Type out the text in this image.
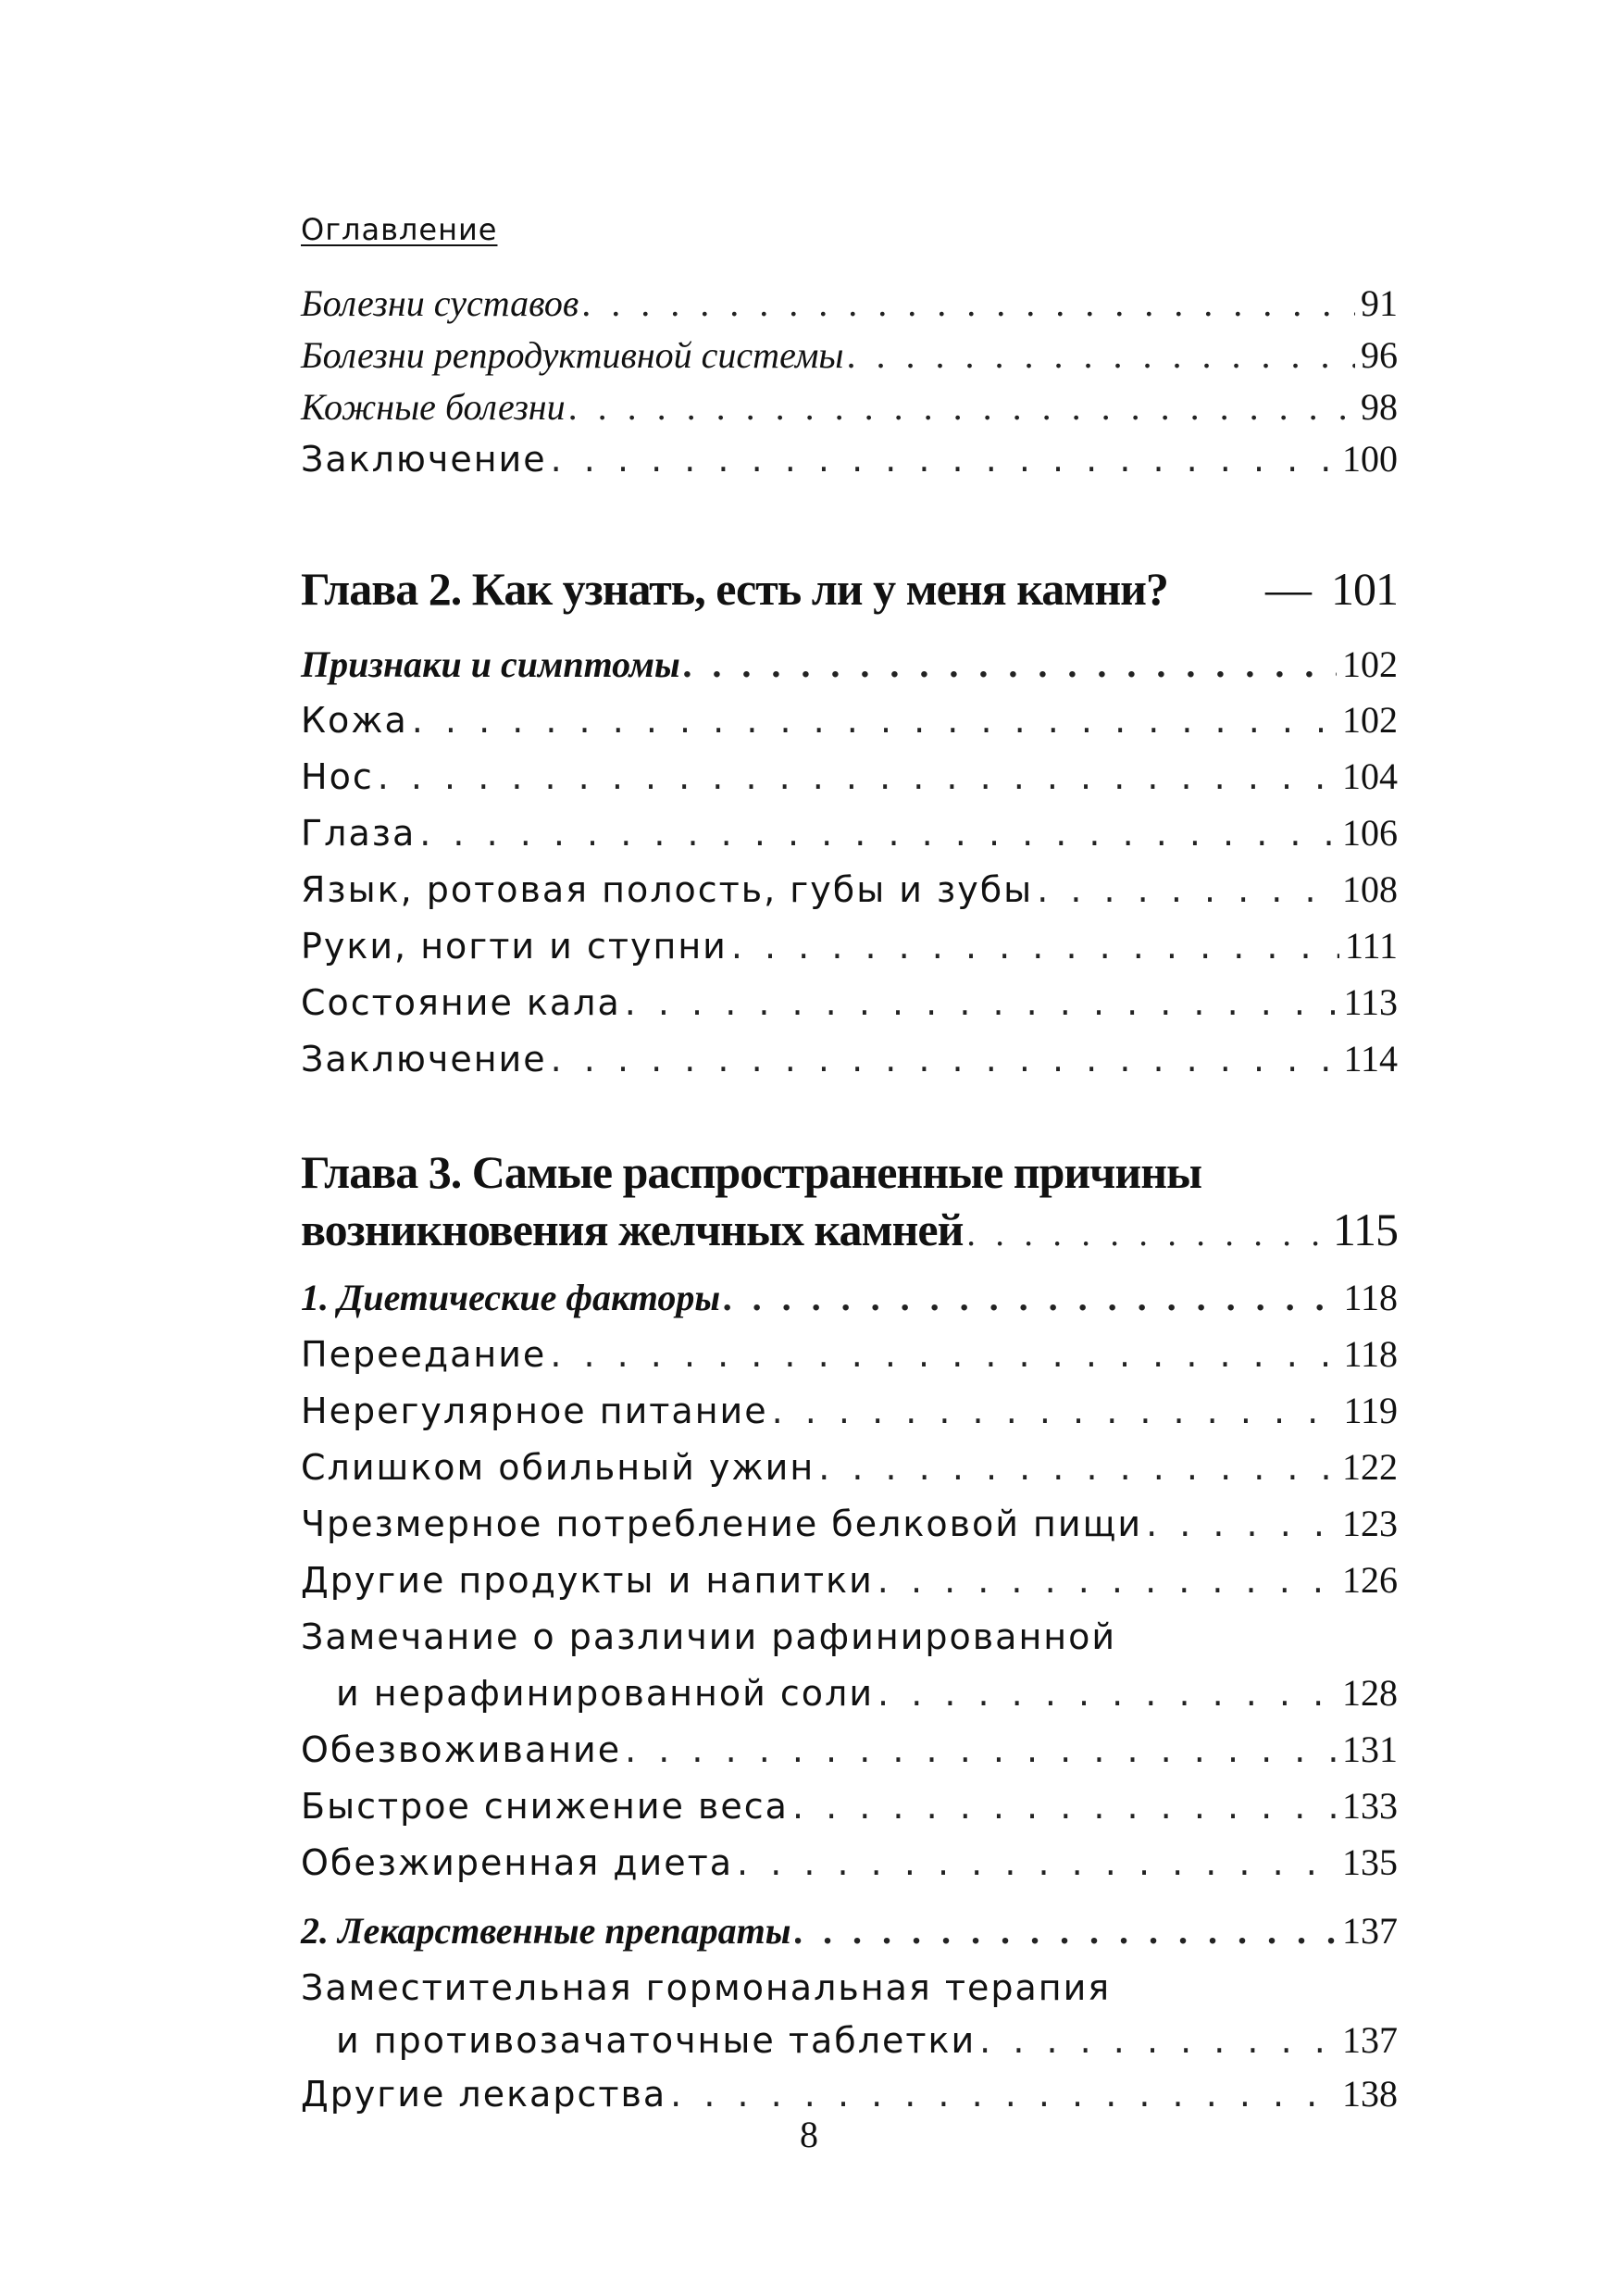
Оглавление
Болезни суставов . . .	91
Болезни репродуктивной системы . . .	96
Кожные болезни . . .	98
Заключение . . .	100
Глава 2. Как узнать, есть ли у меня камни? — 101
Признаки и симптомы . . .	102
Кожа . . .	102
Нос . . .	104
Глаза . . .	106
Язык, ротовая полость, губы и зубы . . .	108
Руки, ногти и ступни . . .	111
Состояние кала . . .	113
Заключение . . .	114
Глава 3. Самые распространенные причины
возникновения желчных камней . . .	115
1. Диетические факторы . . .	118
Переедание . . .	118
Нерегулярное питание . . .	119
Слишком обильный ужин . . .	122
Чрезмерное потребление белковой пищи . . .	123
Другие продукты и напитки . . .	126
Замечание о различии рафинированной
и нерафинированной соли . . .	128
Обезвоживание . . .	131
Быстрое снижение веса . . .	133
Обезжиренная диета . . .	135
2. Лекарственные препараты . . .	137
Заместительная гормональная терапия
и противозачаточные таблетки . . .	137
Другие лекарства . . .	138
8
